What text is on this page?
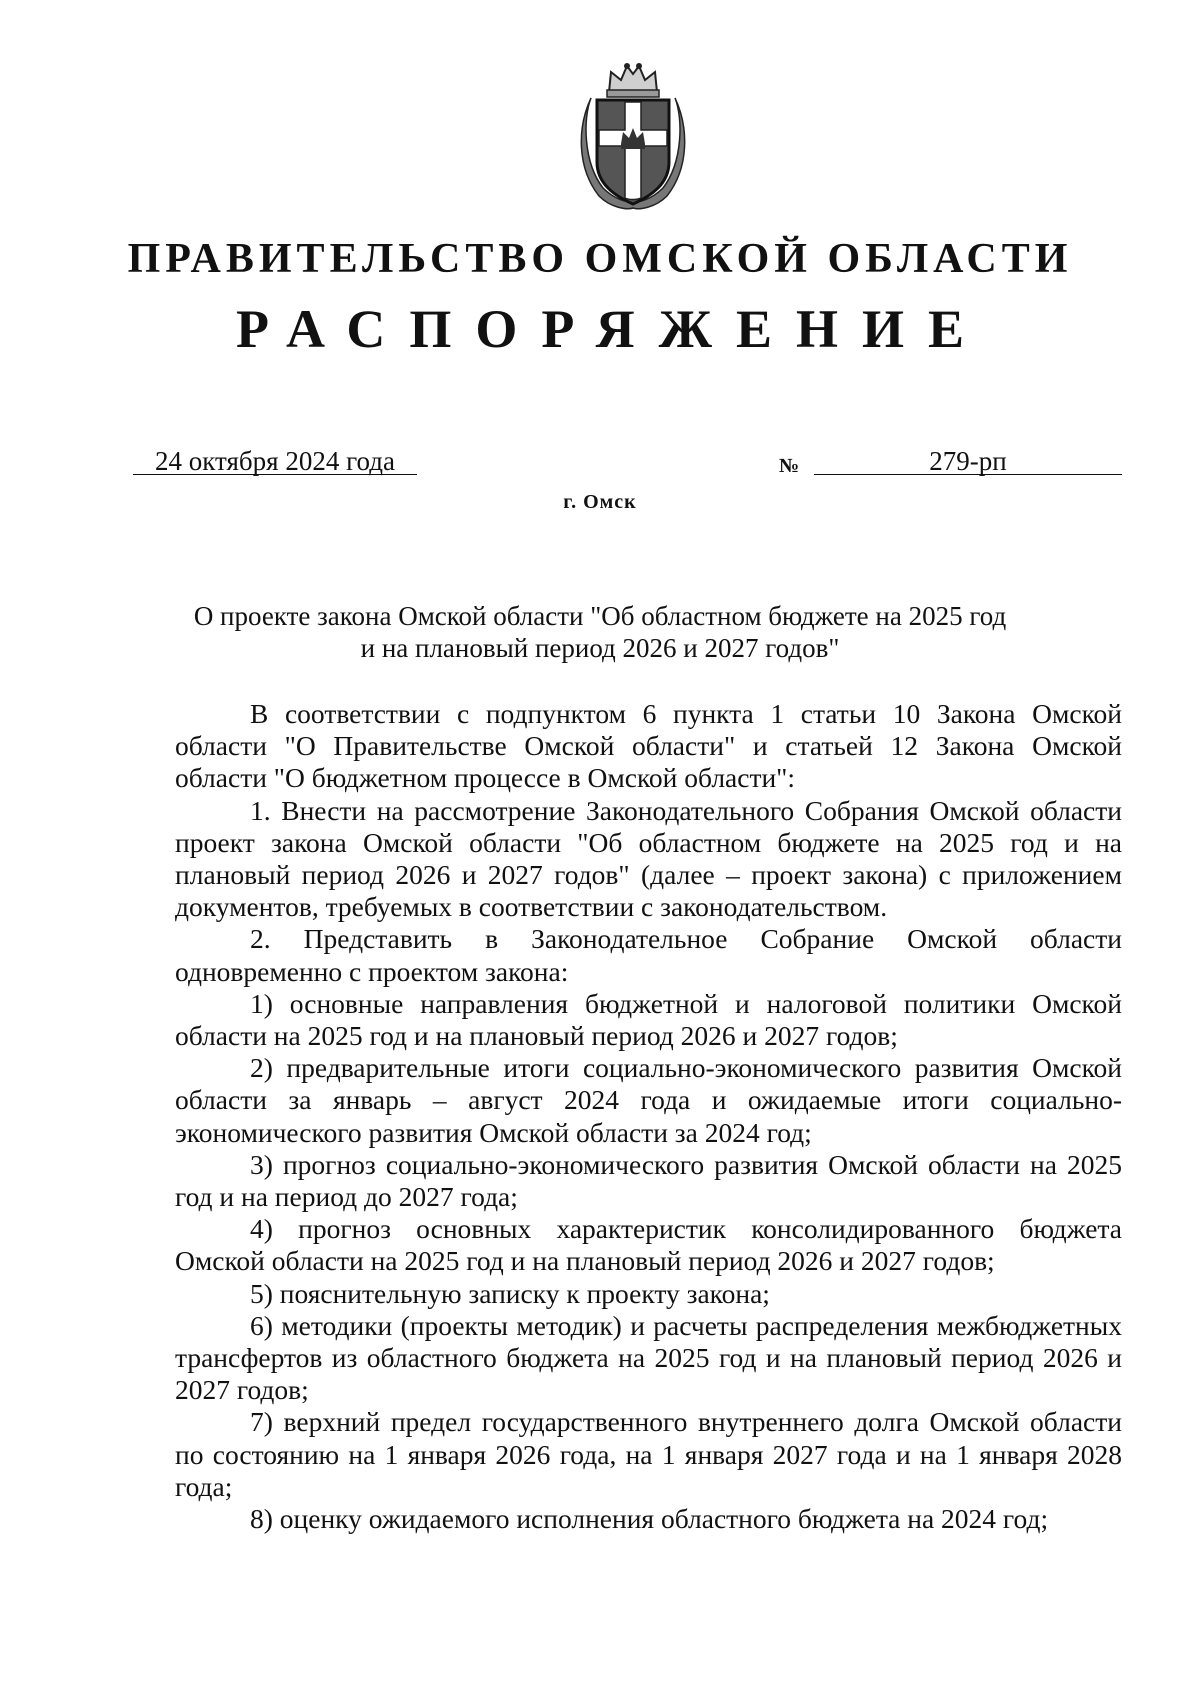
ПРАВИТЕЛЬСТВО ОМСКОЙ ОБЛАСТИ
РАСПОРЯЖЕНИЕ
24 октября 2024 года	№	279-рп
г. Омск
О проекте закона Омской области "Об областном бюджете на 2025 год
и на плановый период 2026 и 2027 годов"

В соответствии с подпунктом 6 пункта 1 статьи 10 Закона Омской области "О Правительстве Омской области" и статьей 12 Закона Омской области "О бюджетном процессе в Омской области":

1. Внести на рассмотрение Законодательного Собрания Омской области проект закона Омской области "Об областном бюджете на 2025 год и на плановый период 2026 и 2027 годов" (далее – проект закона) с приложением документов, требуемых в соответствии с законодательством.

2. Представить в Законодательное Собрание Омской области одновременно с проектом закона:

1) основные направления бюджетной и налоговой политики Омской области на 2025 год и на плановый период 2026 и 2027 годов;

2) предварительные итоги социально-экономического развития Омской области за январь – август 2024 года и ожидаемые итоги социально-экономического развития Омской области за 2024 год;

3) прогноз социально-экономического развития Омской области на 2025 год и на период до 2027 года;

4) прогноз основных характеристик консолидированного бюджета Омской области на 2025 год и на плановый период 2026 и 2027 годов;

5) пояснительную записку к проекту закона;

6) методики (проекты методик) и расчеты распределения межбюджетных трансфертов из областного бюджета на 2025 год и на плановый период 2026 и 2027 годов;

7) верхний предел государственного внутреннего долга Омской области по состоянию на 1 января 2026 года, на 1 января 2027 года и на 1 января 2028 года;

8) оценку ожидаемого исполнения областного бюджета на 2024 год;
